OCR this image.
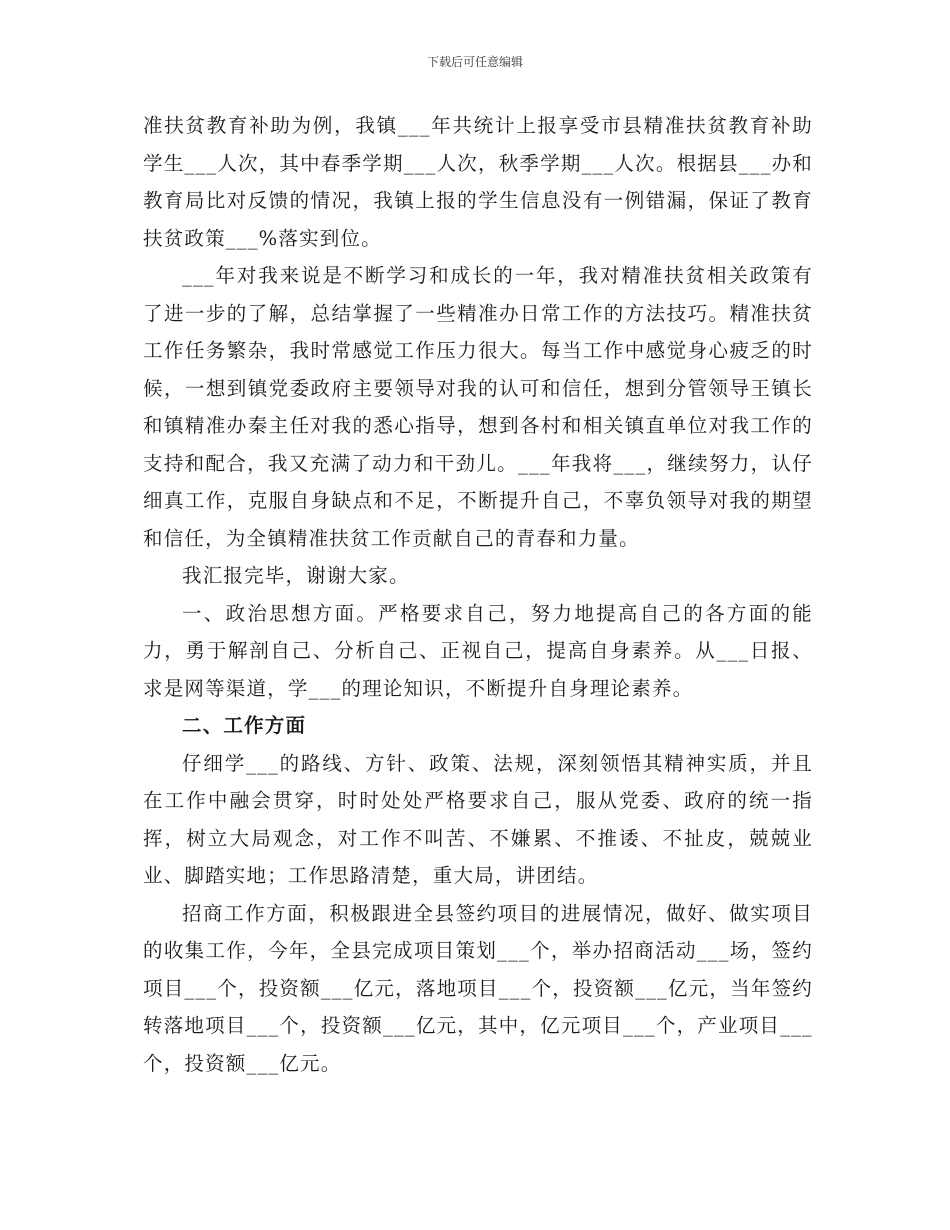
下载后可任意编辑

准扶贫教育补助为例，我镇___年共统计上报享受市县精准扶贫教育补助学生___人次，其中春季学期___人次，秋季学期___人次。根据县___办和教育局比对反馈的情况，我镇上报的学生信息没有一例错漏，保证了教育扶贫政策___%落实到位。

___年对我来说是不断学习和成长的一年，我对精准扶贫相关政策有了进一步的了解，总结掌握了一些精准办日常工作的方法技巧。精准扶贫工作任务繁杂，我时常感觉工作压力很大。每当工作中感觉身心疲乏的时候，一想到镇党委政府主要领导对我的认可和信任，想到分管领导王镇长和镇精准办秦主任对我的悉心指导，想到各村和相关镇直单位对我工作的支持和配合，我又充满了动力和干劲儿。___年我将___，继续努力，认仔细真工作，克服自身缺点和不足，不断提升自己，不辜负领导对我的期望和信任，为全镇精准扶贫工作贡献自己的青春和力量。

我汇报完毕，谢谢大家。

一、政治思想方面。严格要求自己，努力地提高自己的各方面的能力，勇于解剖自己、分析自己、正视自己，提高自身素养。从___日报、求是网等渠道，学___的理论知识，不断提升自身理论素养。

二、工作方面

仔细学___的路线、方针、政策、法规，深刻领悟其精神实质，并且在工作中融会贯穿，时时处处严格要求自己，服从党委、政府的统一指挥，树立大局观念，对工作不叫苦、不嫌累、不推诿、不扯皮，兢兢业业、脚踏实地；工作思路清楚，重大局，讲团结。

招商工作方面，积极跟进全县签约项目的进展情况，做好、做实项目的收集工作，今年，全县完成项目策划___个，举办招商活动___场，签约项目___个，投资额___亿元，落地项目___个，投资额___亿元，当年签约转落地项目___个，投资额___亿元，其中，亿元项目___个，产业项目___个，投资额___亿元。
